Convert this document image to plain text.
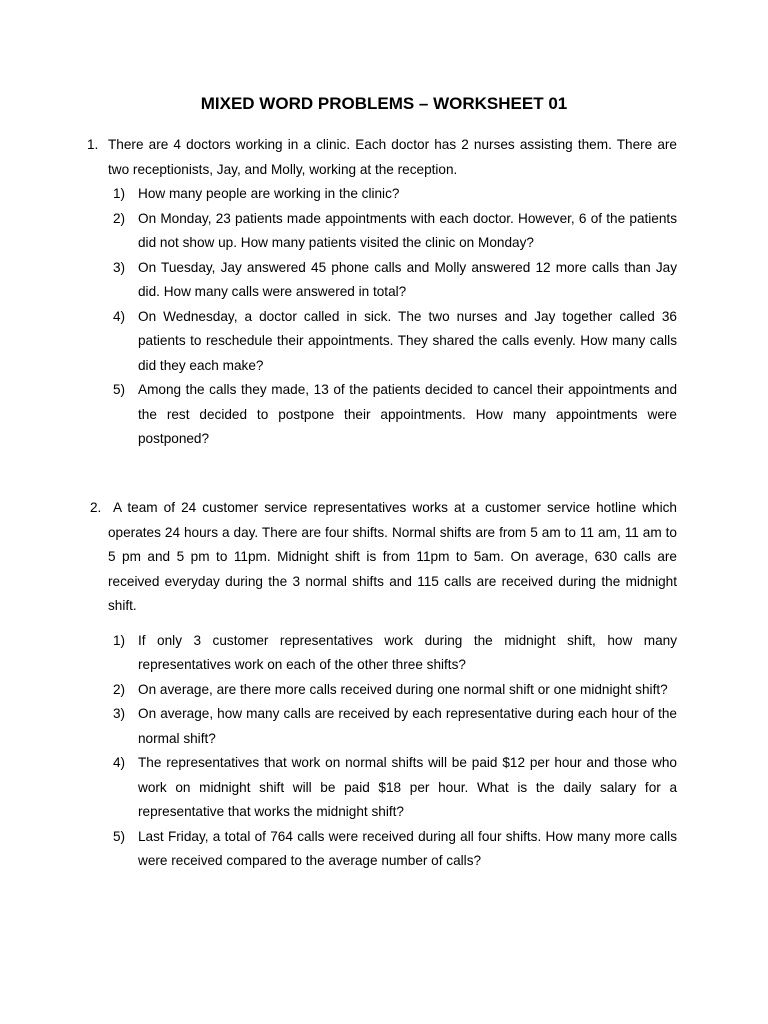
MIXED WORD PROBLEMS – WORKSHEET 01
1. There are 4 doctors working in a clinic. Each doctor has 2 nurses assisting them. There are two receptionists, Jay, and Molly, working at the reception.

1) How many people are working in the clinic?
2) On Monday, 23 patients made appointments with each doctor. However, 6 of the patients did not show up. How many patients visited the clinic on Monday?
3) On Tuesday, Jay answered 45 phone calls and Molly answered 12 more calls than Jay did. How many calls were answered in total?
4) On Wednesday, a doctor called in sick. The two nurses and Jay together called 36 patients to reschedule their appointments. They shared the calls evenly. How many calls did they each make?
5) Among the calls they made, 13 of the patients decided to cancel their appointments and the rest decided to postpone their appointments. How many appointments were postponed?
2. A team of 24 customer service representatives works at a customer service hotline which operates 24 hours a day. There are four shifts. Normal shifts are from 5 am to 11 am, 11 am to 5 pm and 5 pm to 11pm. Midnight shift is from 11pm to 5am. On average, 630 calls are received everyday during the 3 normal shifts and 115 calls are received during the midnight shift.

1) If only 3 customer representatives work during the midnight shift, how many representatives work on each of the other three shifts?
2) On average, are there more calls received during one normal shift or one midnight shift?
3) On average, how many calls are received by each representative during each hour of the normal shift?
4) The representatives that work on normal shifts will be paid $12 per hour and those who work on midnight shift will be paid $18 per hour. What is the daily salary for a representative that works the midnight shift?
5) Last Friday, a total of 764 calls were received during all four shifts. How many more calls were received compared to the average number of calls?
